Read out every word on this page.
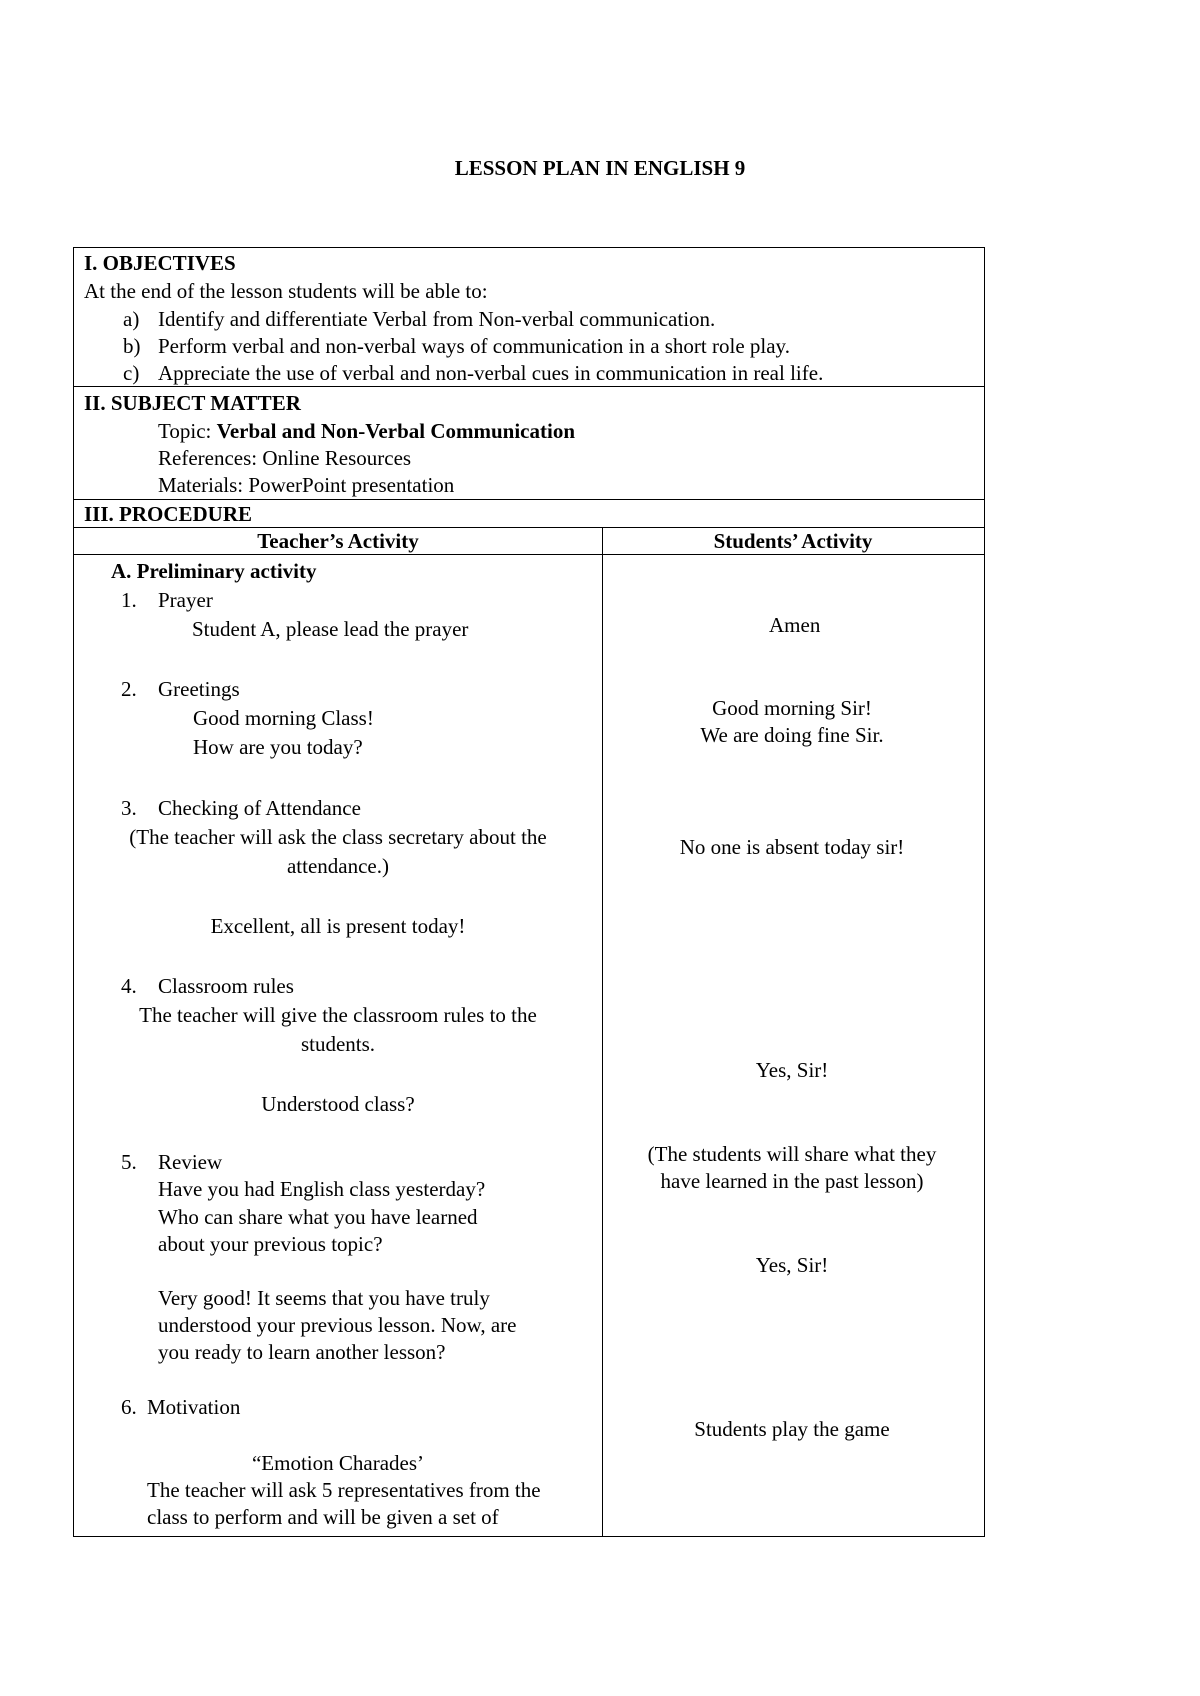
LESSON PLAN IN ENGLISH 9
I. OBJECTIVES
At the end of the lesson students will be able to:
a) Identify and differentiate Verbal from Non-verbal communication.
b) Perform verbal and non-verbal ways of communication in a short role play.
c) Appreciate the use of verbal and non-verbal cues in communication in real life.
II. SUBJECT MATTER
Topic: Verbal and Non-Verbal Communication
References: Online Resources
Materials: PowerPoint presentation
III. PROCEDURE
Teacher’s Activity	Students’ Activity
A. Preliminary activity
1. Prayer
Student A, please lead the prayer	Amen
2. Greetings
Good morning Class!
How are you today?
Good morning Sir!
We are doing fine Sir.
3. Checking of Attendance
(The teacher will ask the class secretary about the
attendance.)
Excellent, all is present today!
No one is absent today sir!
4. Classroom rules
The teacher will give the classroom rules to the
students.
Understood class?
Yes, Sir!
5. Review
Have you had English class yesterday?
Who can share what you have learned
about your previous topic?
Very good! It seems that you have truly
understood your previous lesson. Now, are
you ready to learn another lesson?
(The students will share what they
have learned in the past lesson)
Yes, Sir!
6. Motivation
“Emotion Charades’
The teacher will ask 5 representatives from the
class to perform and will be given a set of
Students play the game
